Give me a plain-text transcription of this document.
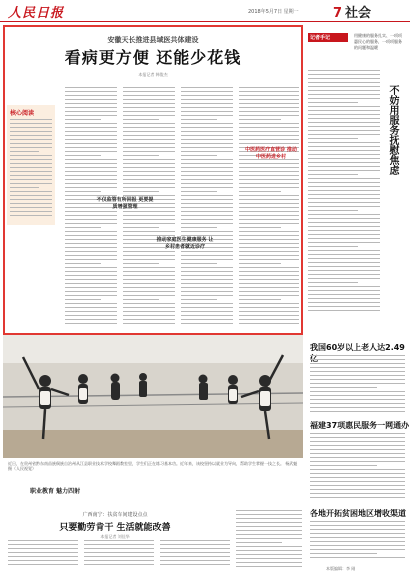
人民日报	2018年5月7日 星期一	7 社会
安徽天长推进县域医共体建设
看病更方便 还能少花钱
本报记者 韩俊杰
不仅监管有所回报 更要提质增强管理
推动家庭医生健康服务 让乡村患者就近诊疗
中医药医疗直营诊 推动中医药进乡村
核心阅读
记者手记	用健康的服务扎实、一项项惠民心的服务，一项项服务的问题和温暖
不妨用服务抚慰焦虑
我国60岁以上老人达2.49
福建37项惠民服务一网通办
各地开拓贫困地区增收渠道
近日，在贵州省黔东南苗族侗族自治州从江县职业技术学校舞蹈教室里，学生们正在练习基本功。近年来，该校坚持以就业为导向，帮助学生掌握一技之长。 杨武魁摄（人民视觉）
职业教育 魅力四射
广西南宁：扶贫车间建设点点
只要勤劳肯干 生活就能改善
本报记者 刘佳华
本版编辑：李 刚
